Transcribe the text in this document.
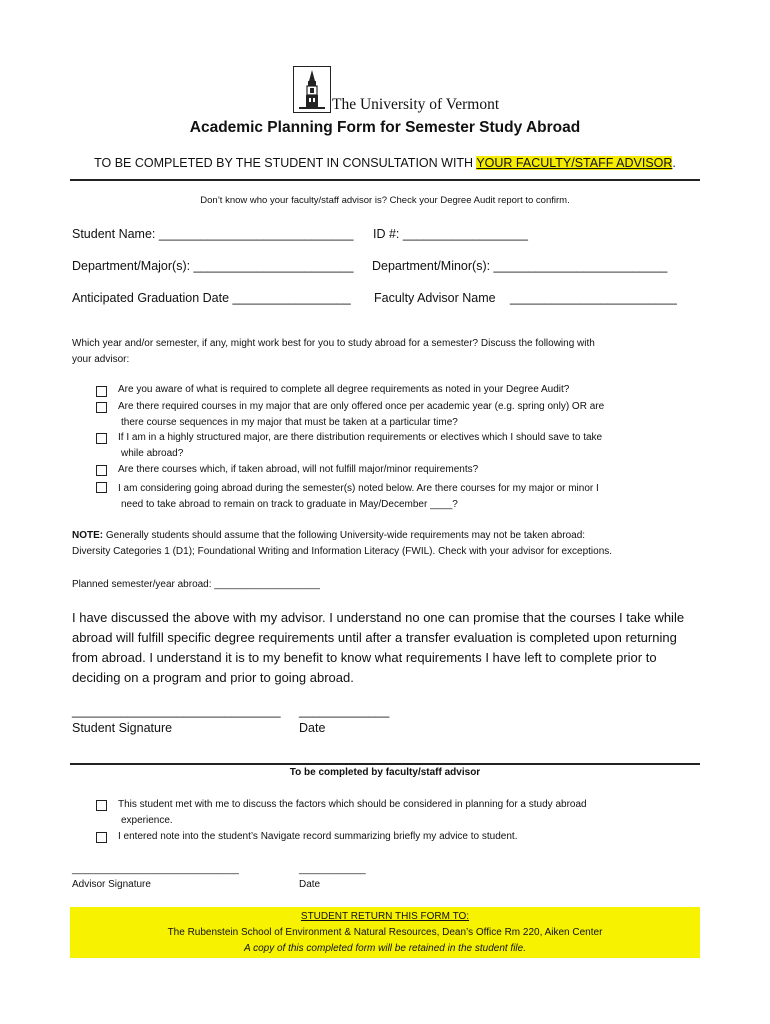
The University of Vermont
Academic Planning Form for Semester Study Abroad
TO BE COMPLETED BY THE STUDENT IN CONSULTATION WITH YOUR FACULTY/STAFF ADVISOR.
Don’t know who your faculty/staff advisor is? Check your Degree Audit report to confirm.
Student Name: ____________________________ ID #: __________________
Department/Major(s): _______________________ Department/Minor(s): _________________________
Anticipated Graduation Date _________________ Faculty Advisor Name ________________________
Which year and/or semester, if any, might work best for you to study abroad for a semester? Discuss the following with
your advisor:
Are you aware of what is required to complete all degree requirements as noted in your Degree Audit?
Are there required courses in my major that are only offered once per academic year (e.g. spring only) OR are
there course sequences in my major that must be taken at a particular time?
If I am in a highly structured major, are there distribution requirements or electives which I should save to take
while abroad?
Are there courses which, if taken abroad, will not fulfill major/minor requirements?
I am considering going abroad during the semester(s) noted below. Are there courses for my major or minor I
need to take abroad to remain on track to graduate in May/December ____?
NOTE: Generally students should assume that the following University-wide requirements may not be taken abroad:
Diversity Categories 1 (D1); Foundational Writing and Information Literacy (FWIL). Check with your advisor for exceptions.
Planned semester/year abroad: ___________________
I have discussed the above with my advisor. I understand no one can promise that the courses I take while
abroad will fulfill specific degree requirements until after a transfer evaluation is completed upon returning
from abroad. I understand it is to my benefit to know what requirements I have left to complete prior to
deciding on a program and prior to going abroad.
______________________________ _____________
Student Signature	Date
To be completed by faculty/staff advisor
This student met with me to discuss the factors which should be considered in planning for a study abroad
experience.
I entered note into the student’s Navigate record summarizing briefly my advice to student.
______________________________	____________
Advisor Signature	Date
STUDENT RETURN THIS FORM TO:
The Rubenstein School of Environment & Natural Resources, Dean’s Office Rm 220, Aiken Center
A copy of this completed form will be retained in the student file.
